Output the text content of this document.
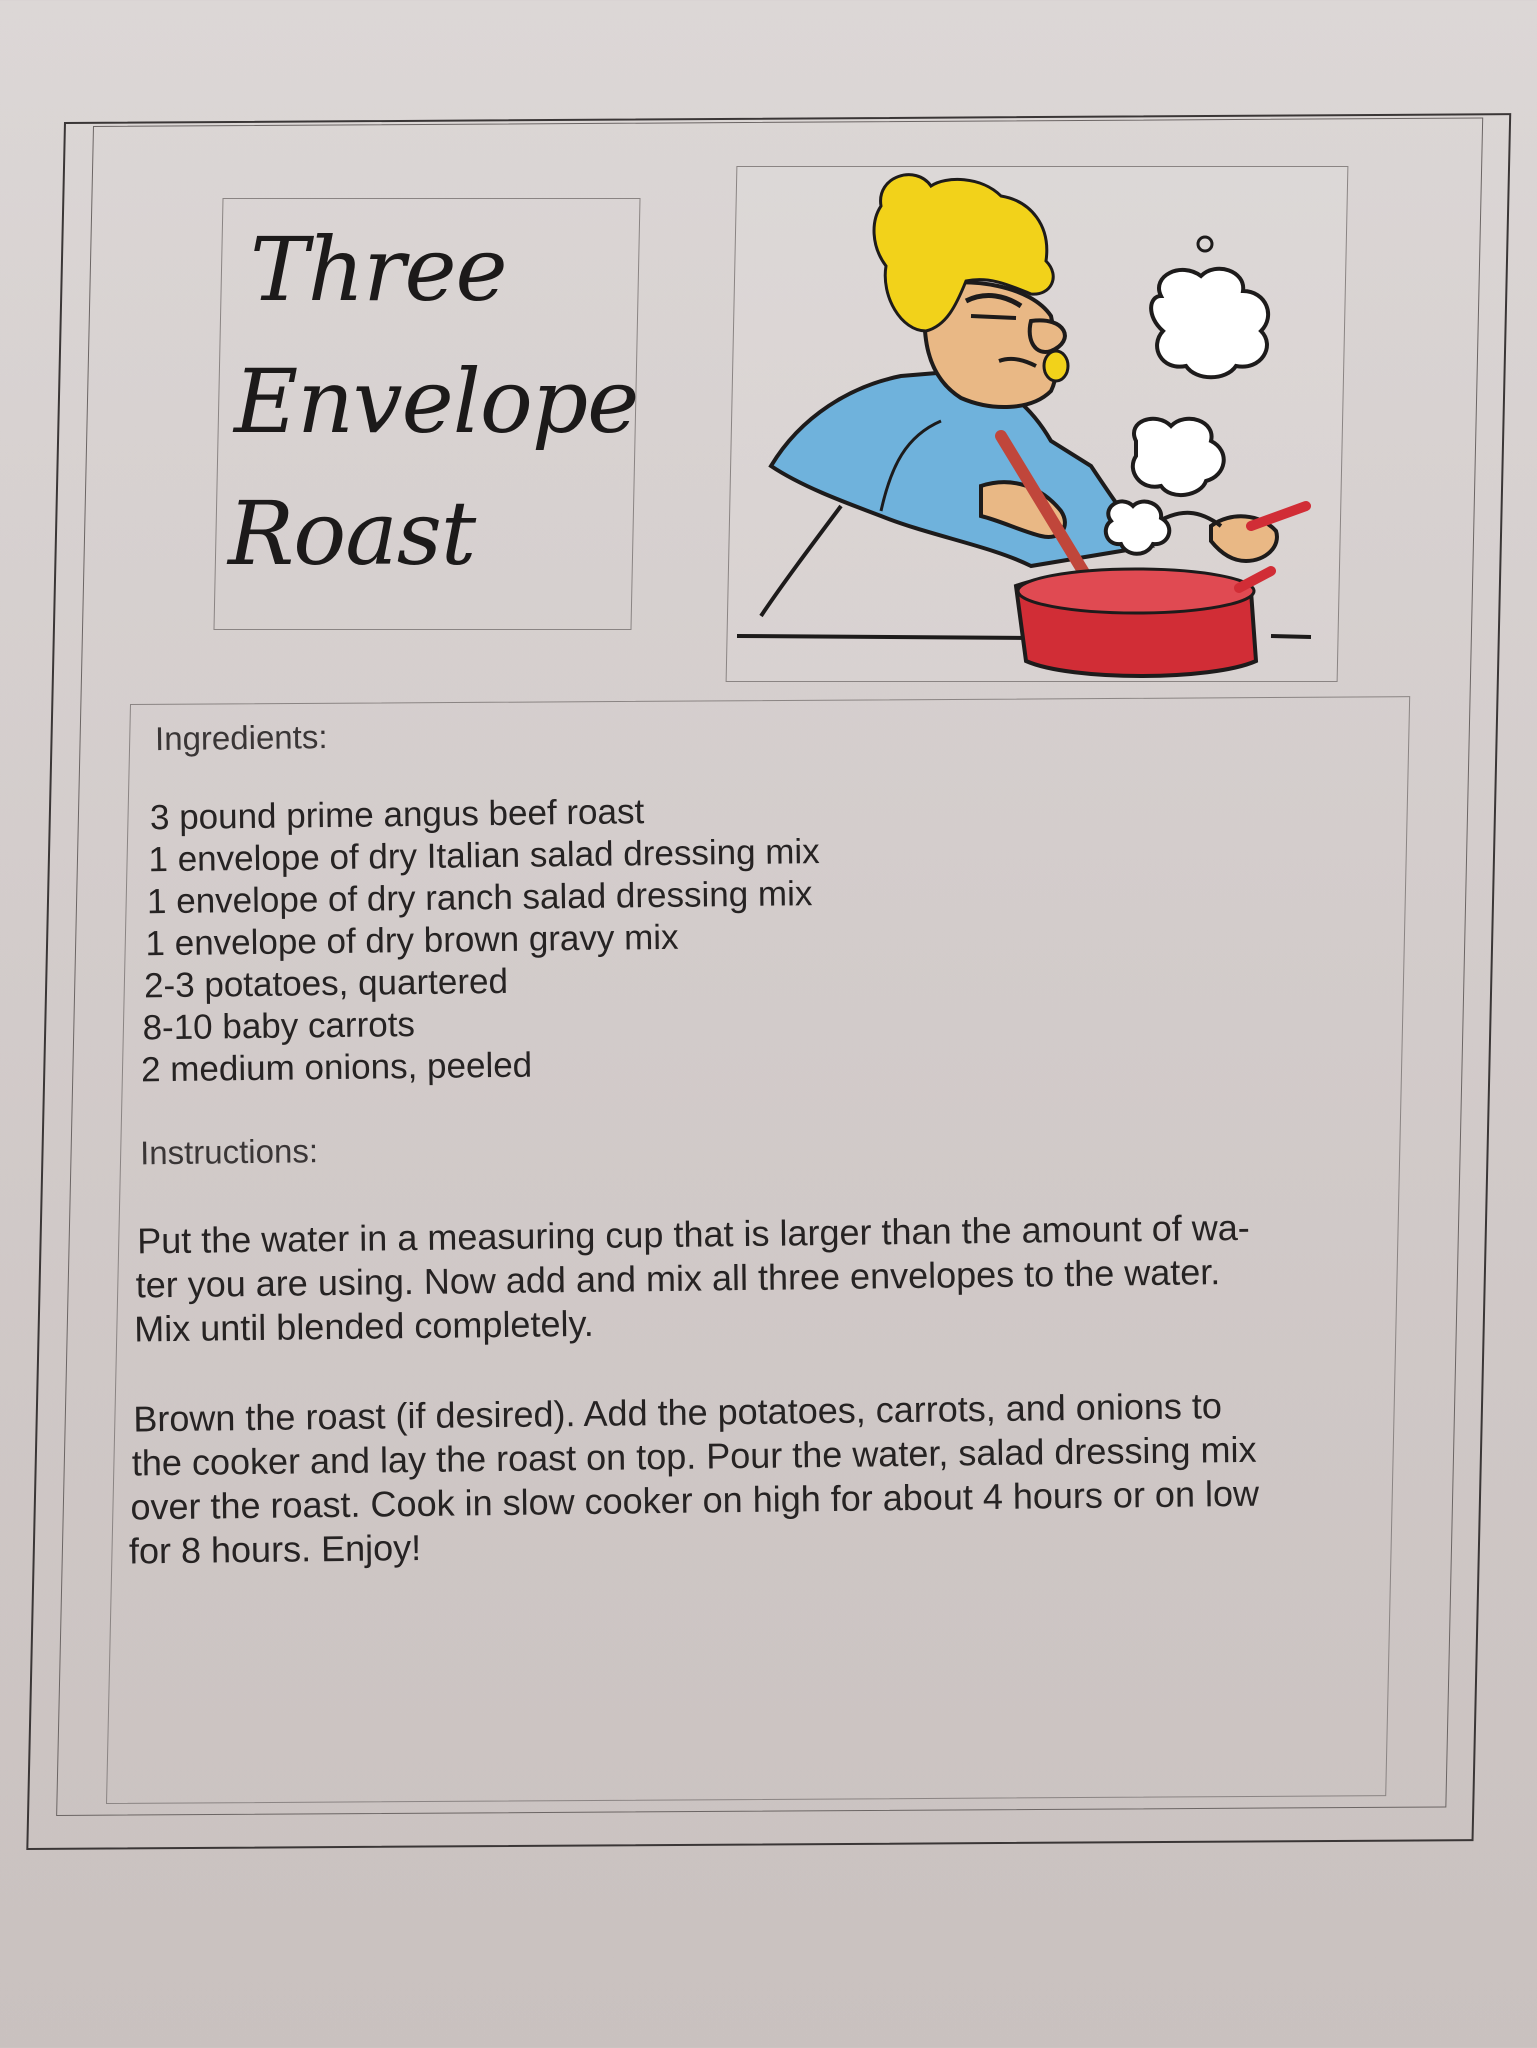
Three
Envelope
Roast
Ingredients:
3 pound prime angus beef roast
1 envelope of dry Italian salad dressing mix
1 envelope of dry ranch salad dressing mix
1 envelope of dry brown gravy mix
2-3 potatoes, quartered
8-10 baby carrots
2 medium onions, peeled
Instructions:
Put the water in a measuring cup that is larger than the amount of wa-
ter you are using. Now add and mix all three envelopes to the water.
Mix until blended completely.
Brown the roast (if desired). Add the potatoes, carrots, and onions to
the cooker and lay the roast on top. Pour the water, salad dressing mix
over the roast. Cook in slow cooker on high for about 4 hours or on low
for 8 hours. Enjoy!
